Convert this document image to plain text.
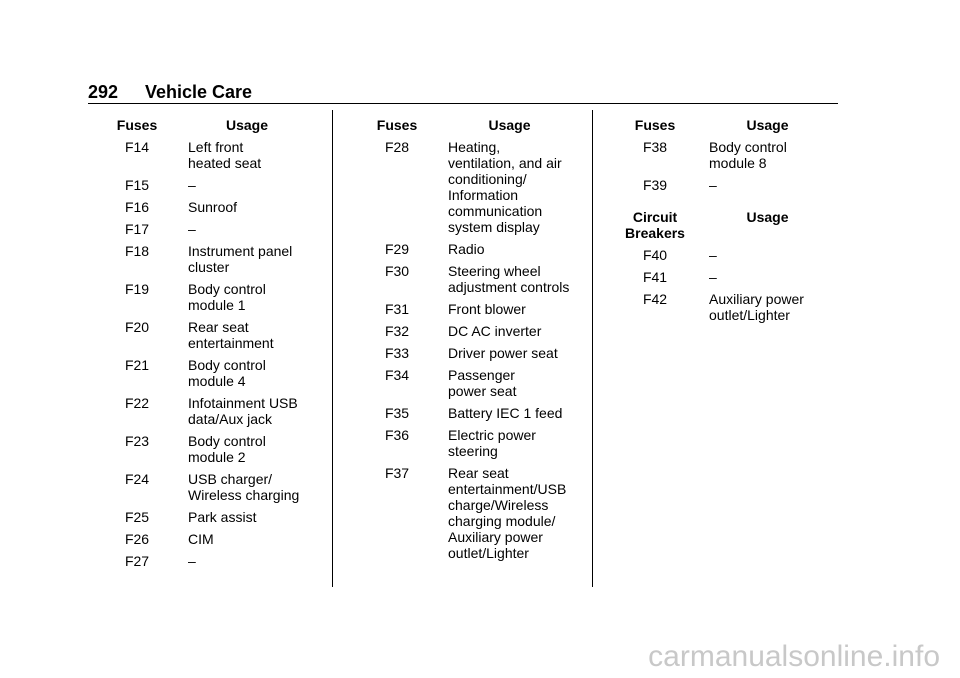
292	Vehicle Care
Fuses	Usage
F14	Left front
heated seat
F15	–
F16	Sunroof
F17	–
F18	Instrument panel
cluster
F19	Body control
module 1
F20	Rear seat
entertainment
F21	Body control
module 4
F22	Infotainment USB
data/Aux jack
F23	Body control
module 2
F24	USB charger/
Wireless charging
F25	Park assist
F26	CIM
F27	–
Fuses	Usage
F28	Heating,
ventilation, and air
conditioning/
Information
communication
system display
F29	Radio
F30	Steering wheel
adjustment controls
F31	Front blower
F32	DC AC inverter
F33	Driver power seat
F34	Passenger
power seat
F35	Battery IEC 1 feed
F36	Electric power
steering
F37	Rear seat
entertainment/USB
charge/Wireless
charging module/
Auxiliary power
outlet/Lighter
Fuses	Usage
F38	Body control
module 8
F39	–
Circuit
Breakers
Usage
F40	–
F41	–
F42	Auxiliary power
outlet/Lighter
carmanualsonline.info
